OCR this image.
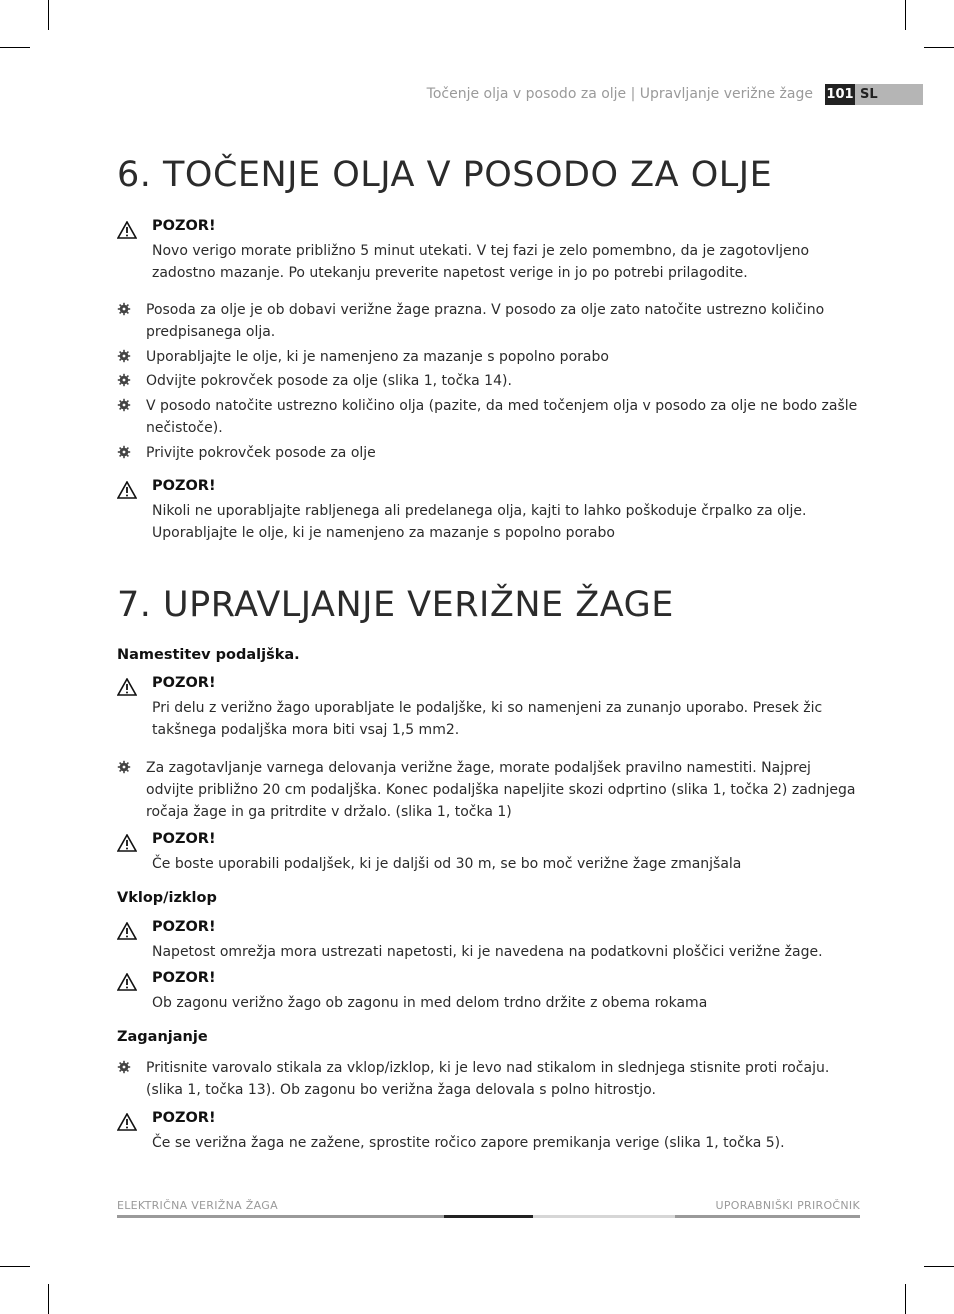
Točenje olja v posodo za olje | Upravljanje verižne žage 101 SL
6. TOČENJE OLJA V POSODO ZA OLJE
POZOR!
Novo verigo morate približno 5 minut utekati. V tej fazi je zelo pomembno, da je zagotovljeno zadostno mazanje. Po utekanju preverite napetost verige in jo po potrebi prilagodite.
Posoda za olje je ob dobavi verižne žage prazna. V posodo za olje zato natočite ustrezno količino predpisanega olja.
Uporabljajte le olje, ki je namenjeno za mazanje s popolno porabo
Odvijte pokrovček posode za olje (slika 1, točka 14).
V posodo natočite ustrezno količino olja (pazite, da med točenjem olja v posodo za olje ne bodo zašle nečistoče).
Privijte pokrovček posode za olje
POZOR!
Nikoli ne uporabljajte rabljenega ali predelanega olja, kajti to lahko poškoduje črpalko za olje. Uporabljajte le olje, ki je namenjeno za mazanje s popolno porabo
7. UPRAVLJANJE VERIŽNE ŽAGE
Namestitev podaljška.
POZOR!
Pri delu z verižno žago uporabljate le podaljške, ki so namenjeni za zunanjo uporabo. Presek žic takšnega podaljška mora biti vsaj 1,5 mm2.
Za zagotavljanje varnega delovanja verižne žage, morate podaljšek pravilno namestiti. Najprej odvijte približno 20 cm podaljška. Konec podaljška napeljite skozi odprtino (slika 1, točka 2) zadnjega ročaja žage in ga pritrdite v držalo. (slika 1, točka 1)
POZOR!
Če boste uporabili podaljšek, ki je daljši od 30 m, se bo moč verižne žage zmanjšala
Vklop/izklop
POZOR!
Napetost omrežja mora ustrezati napetosti, ki je navedena na podatkovni ploščici verižne žage.
POZOR!
Ob zagonu verižno žago ob zagonu in med delom trdno držite z obema rokama
Zaganjanje
Pritisnite varovalo stikala za vklop/izklop, ki je levo nad stikalom in slednjega stisnite proti ročaju.
(slika 1, točka 13). Ob zagonu bo verižna žaga delovala s polno hitrostjo.
POZOR!
Če se verižna žaga ne zažene, sprostite ročico zapore premikanja verige (slika 1, točka 5).
ELEKTRIČNA VERIŽNA ŽAGA	UPORABNIŠKI PRIROČNIK
